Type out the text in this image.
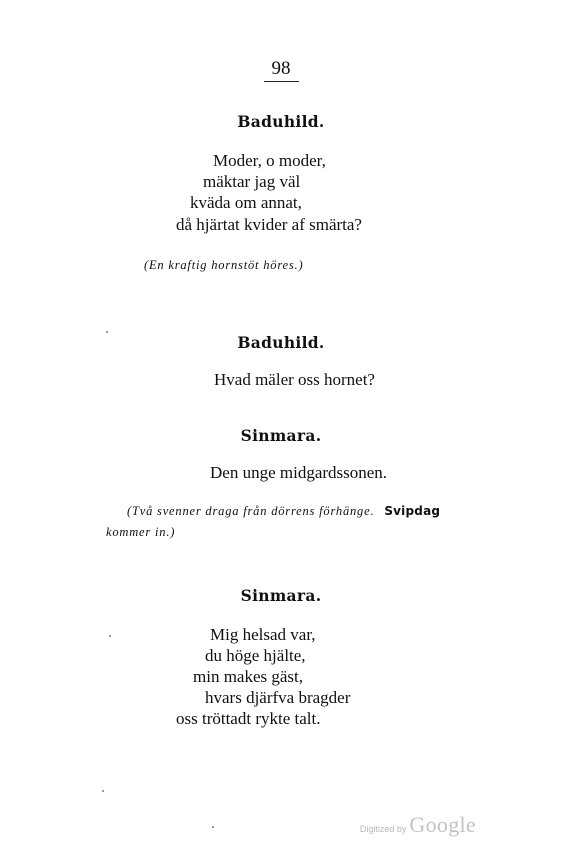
98
Baduhild.
Moder, o moder,
mäktar jag väl
kväda om annat,
då hjärtat kvider af smärta?
(En kraftig hornstöt höres.)
Baduhild.
Hvad mäler oss hornet?
Sinmara.
Den unge midgardssonen.
(Två svenner draga från dörrens förhänge. Svipdag
kommer in.)
Sinmara.
Mig helsad var,
du höge hjälte,
min makes gäst,
hvars djärfva bragder
oss tröttadt rykte talt.
Digitized by Google
